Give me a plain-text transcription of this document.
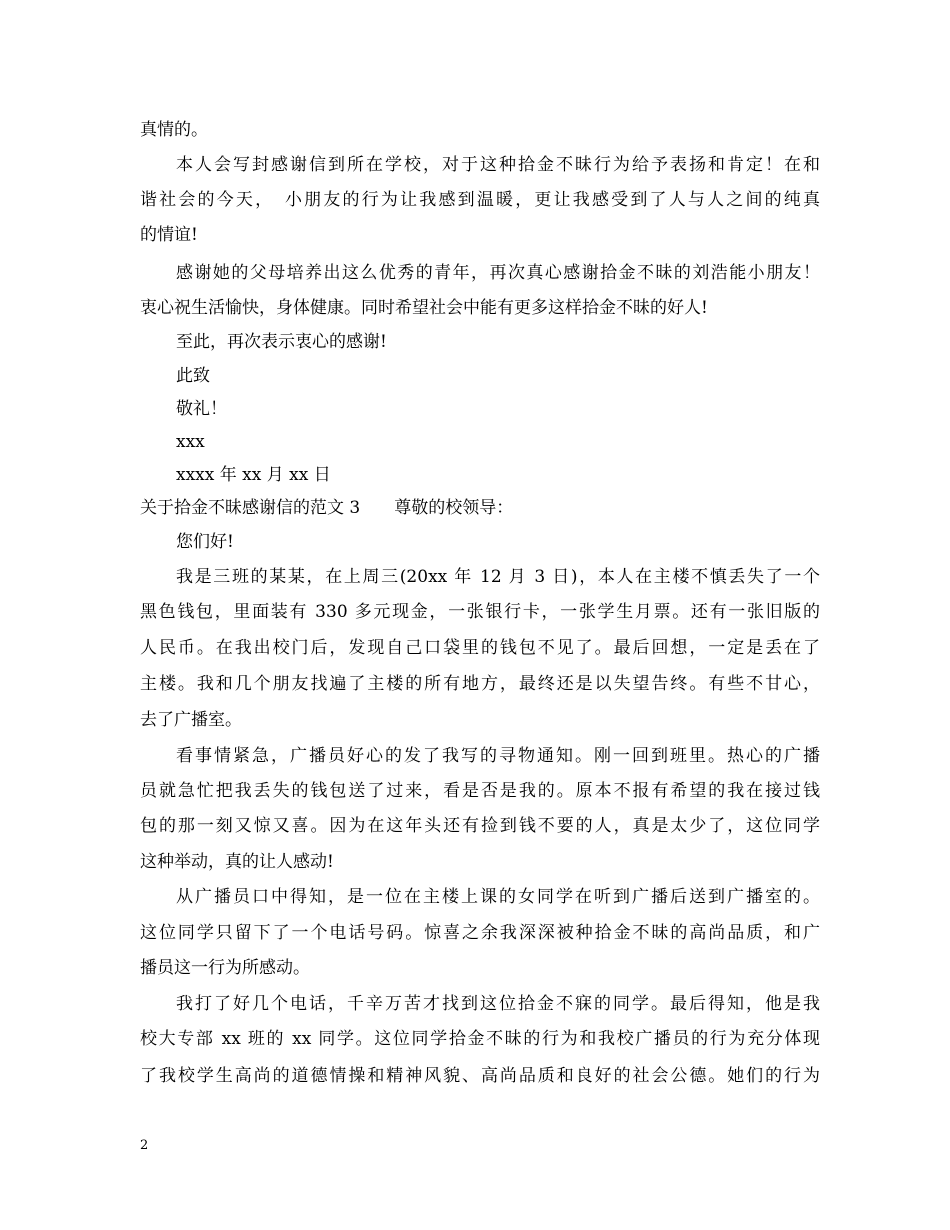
真情的。
本人会写封感谢信到所在学校，对于这种拾金不昧行为给予表扬和肯定！在和
谐社会的今天，　小朋友的行为让我感到温暖，更让我感受到了人与人之间的纯真
的情谊!
感谢她的父母培养出这么优秀的青年，再次真心感谢拾金不昧的刘浩能小朋友！
衷心祝生活愉快，身体健康。同时希望社会中能有更多这样拾金不昧的好人!
至此，再次表示衷心的感谢!
此致
敬礼！
xxx
xxxx 年 xx 月 xx 日
关于拾金不昧感谢信的范文 3　　尊敬的校领导：
您们好!
我是三班的某某，在上周三(20xx 年 12 月 3 日)，本人在主楼不慎丢失了一个
黑色钱包，里面装有 330 多元现金，一张银行卡，一张学生月票。还有一张旧版的
人民币。在我出校门后，发现自己口袋里的钱包不见了。最后回想，一定是丢在了
主楼。我和几个朋友找遍了主楼的所有地方，最终还是以失望告终。有些不甘心，
去了广播室。
看事情紧急，广播员好心的发了我写的寻物通知。刚一回到班里。热心的广播
员就急忙把我丢失的钱包送了过来，看是否是我的。原本不报有希望的我在接过钱
包的那一刻又惊又喜。因为在这年头还有捡到钱不要的人，真是太少了，这位同学
这种举动，真的让人感动!
从广播员口中得知，是一位在主楼上课的女同学在听到广播后送到广播室的。
这位同学只留下了一个电话号码。惊喜之余我深深被种拾金不昧的高尚品质，和广
播员这一行为所感动。
我打了好几个电话，千辛万苦才找到这位拾金不寐的同学。最后得知，他是我
校大专部 xx 班的 xx 同学。这位同学拾金不昧的行为和我校广播员的行为充分体现
了我校学生高尚的道德情操和精神风貌、高尚品质和良好的社会公德。她们的行为
2
